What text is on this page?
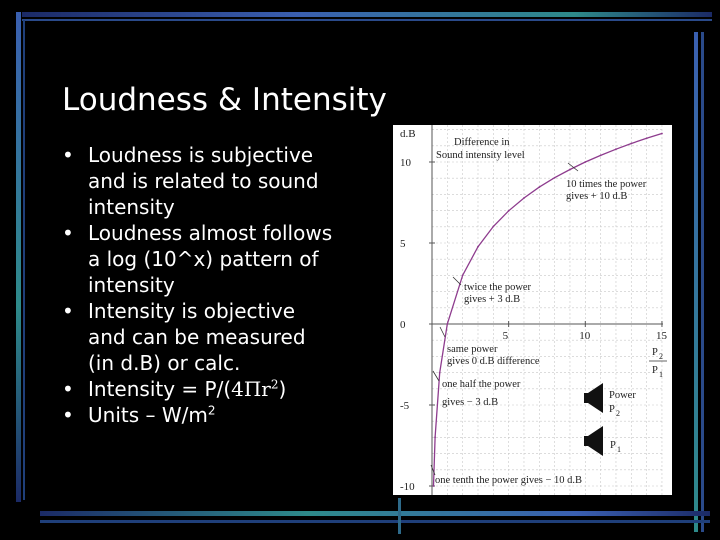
Loudness & Intensity
• Loudness is subjective
and is related to sound
intensity
• Loudness almost follows
a log (10^x) pattern of
intensity
• Intensity is objective
and can be measured
(in d.B) or calc.
• Intensity = $P/(4\Pi r^2)$
• Units – $W/m^2$
d.B
10
5
0
-5
-10
5	10	15
Difference in
Sound intensity level
10 times the power
gives + 10 d.B
twice the power
gives + 3 d.B
same power
gives 0 d.B difference
one half the power
gives − 3 d.B
one tenth the power gives − 10 d.B
P 2
P 1
Power
P 2
P 1
